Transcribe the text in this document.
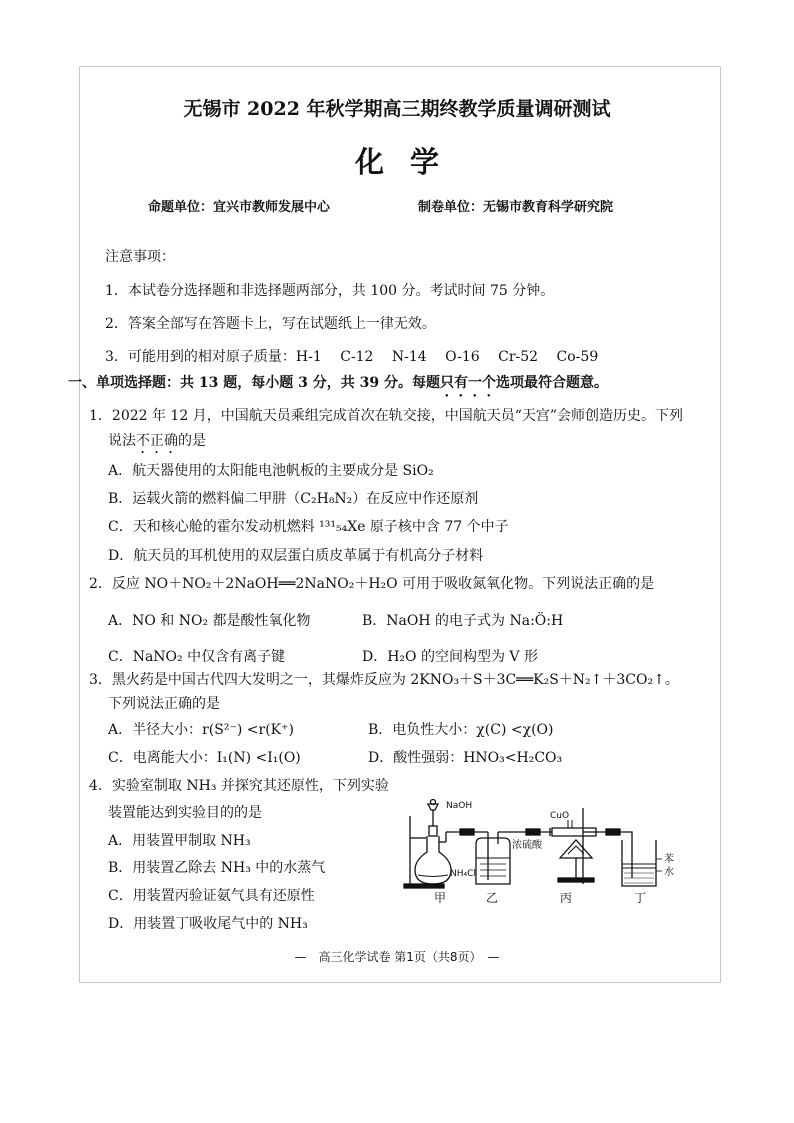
无锡市 2022 年秋学期高三期终教学质量调研测试
化学
命题单位：宜兴市教师发展中心	制卷单位：无锡市教育科学研究院
注意事项：
1．本试卷分选择题和非选择题两部分，共 100 分。考试时间 75 分钟。
2．答案全部写在答题卡上，写在试题纸上一律无效。
3．可能用到的相对原子质量：H-1　 C-12　 N-14　 O-16　 Cr-52　 Co-59
一、单项选择题：共 13 题，每小题 3 分，共 39 分。每题只有一个选项最符合题意。
1．2022 年 12 月，中国航天员乘组完成首次在轨交接，中国航天员“天宫”会师创造历史。下列
说法不正确的是
A．航天器使用的太阳能电池帆板的主要成分是 SiO₂
B．运载火箭的燃料偏二甲肼（C₂H₈N₂）在反应中作还原剂
C．天和核心舱的霍尔发动机燃料 ¹³¹₅₄Xe 原子核中含 77 个中子
D．航天员的耳机使用的双层蛋白质皮革属于有机高分子材料
2．反应 NO＋NO₂＋2NaOH══2NaNO₂＋H₂O 可用于吸收氮氧化物。下列说法正确的是
A．NO 和 NO₂ 都是酸性氧化物	B．NaOH 的电子式为 Na:Ö:H
C．NaNO₂ 中仅含有离子键	D．H₂O 的空间构型为 V 形
3．黑火药是中国古代四大发明之一，其爆炸反应为 2KNO₃＋S＋3C══K₂S＋N₂↑＋3CO₂↑。
下列说法正确的是
A．半径大小：r(S²⁻) <r(K⁺)	B．电负性大小：χ(C) <χ(O)
C．电离能大小：I₁(N) <I₁(O)	D．酸性强弱：HNO₃<H₂CO₃
4．实验室制取 NH₃ 并探究其还原性，下列实验
装置能达到实验目的的是
A．用装置甲制取 NH₃
B．用装置乙除去 NH₃ 中的水蒸气
C．用装置丙验证氨气具有还原性
D．用装置丁吸收尾气中的 NH₃
NaOH
NH₄Cl
浓硫酸
CuO
苯
水
甲	乙	丙	丁
—　高三化学试卷 第1页（共8页）　—
